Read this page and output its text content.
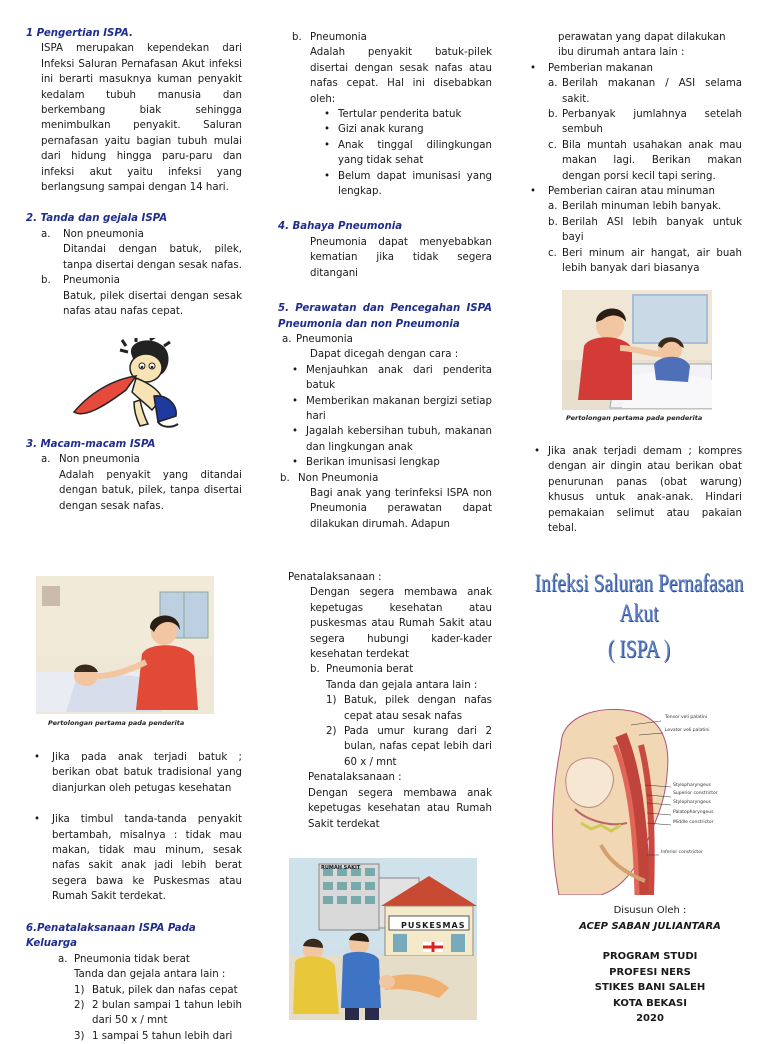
1 Pengertian ISPA.
ISPA merupakan kependekan dari Infeksi Saluran Pernafasan Akut infeksi ini berarti masuknya kuman penyakit kedalam tubuh manusia dan berkembang biak sehingga menimbulkan penyakit. Saluran pernafasan yaitu bagian tubuh mulai dari hidung hingga paru-paru dan infeksi akut yaitu infeksi yang berlangsung sampai dengan 14 hari.
2. Tanda dan gejala ISPA
a.	Non pneumonia
Ditandai dengan batuk, pilek, tanpa disertai dengan sesak nafas.
b.	Pneumonia
Batuk, pilek disertai dengan sesak nafas atau nafas cepat.
3. Macam-macam ISPA
a. Non pneumonia
Adalah penyakit yang ditandai dengan batuk, pilek, tanpa disertai dengan sesak nafas.
b. Pneumonia
Adalah penyakit batuk-pilek disertai dengan sesak nafas atau nafas cepat. Hal ini disebabkan oleh:
• Tertular penderita batuk
• Gizi anak kurang
• Anak tinggal dilingkungan yang tidak sehat
• Belum dapat imunisasi yang lengkap.
4. Bahaya Pneumonia
Pneumonia dapat menyebabkan kematian jika tidak segera ditangani
5. Perawatan dan Pencegahan ISPA Pneumonia dan non Pneumonia
a. Pneumonia
Dapat dicegah dengan cara :
• Menjauhkan anak dari penderita batuk
• Memberikan makanan bergizi setiap hari
• Jagalah kebersihan tubuh, makanan dan lingkungan anak
• Berikan imunisasi lengkap
b. Non Pneumonia
Bagi anak yang terinfeksi ISPA non Pneumonia perawatan dapat dilakukan dirumah. Adapun
perawatan yang dapat dilakukan ibu dirumah antara lain :
•	Pemberian makanan
a. Berilah makanan / ASI selama sakit.
b. Perbanyak jumlahnya setelah sembuh
c. Bila muntah usahakan anak mau makan lagi. Berikan makan dengan porsi kecil tapi sering.
•	Pemberian cairan atau minuman
a. Berilah minuman lebih banyak.
b. Berilah ASI lebih banyak untuk bayi
c. Beri minum air hangat, air buah lebih banyak dari biasanya
Pertolongan pertama pada penderita
• Jika anak terjadi demam ; kompres dengan air dingin atau berikan obat penurunan panas (obat warung) khusus untuk anak-anak. Hindari pemakaian selimut atau pakaian tebal.
Pertolongan pertama pada penderita
•	Jika pada anak terjadi batuk ; berikan obat batuk tradisional yang dianjurkan oleh petugas kesehatan
•	Jika timbul tanda-tanda penyakit bertambah, misalnya : tidak mau makan, tidak mau minum, sesak nafas sakit anak jadi lebih berat segera bawa ke Puskesmas atau Rumah Sakit terdekat.
6.Penatalaksanaan ISPA Pada Keluarga
a. Pneumonia tidak berat
Tanda dan gejala antara lain :
1) Batuk, pilek dan nafas cepat
2) 2 bulan sampai 1 tahun lebih dari 50 x / mnt
3) 1 sampai 5 tahun lebih dari
Penatalaksanaan :
Dengan segera membawa anak kepetugas kesehatan atau puskesmas atau Rumah Sakit atau segera hubungi kader-kader kesehatan terdekat
b. Pneumonia berat
Tanda dan gejala antara lain :
1) Batuk, pilek dengan nafas cepat atau sesak nafas
2) Pada umur kurang dari 2 bulan, nafas cepat lebih dari 60 x / mnt
Penatalaksanaan :
Dengan segera membawa anak kepetugas kesehatan atau Rumah Sakit terdekat
RUMAH SAKIT
PUSKESMAS
Infeksi Saluran Pernafasan Akut
( ISPA )
Tensor veli palatini
Levator veli palatini
Stylopharyngeus
Superior constrictor
Stylopharyngeus
Palatopharyngeus
Middle constrictor
Inferior constrictor
Disusun Oleh :
ACEP SABAN JULIANTARA
PROGRAM STUDI
PROFESI NERS
STIKES BANI SALEH
KOTA BEKASI
2020
